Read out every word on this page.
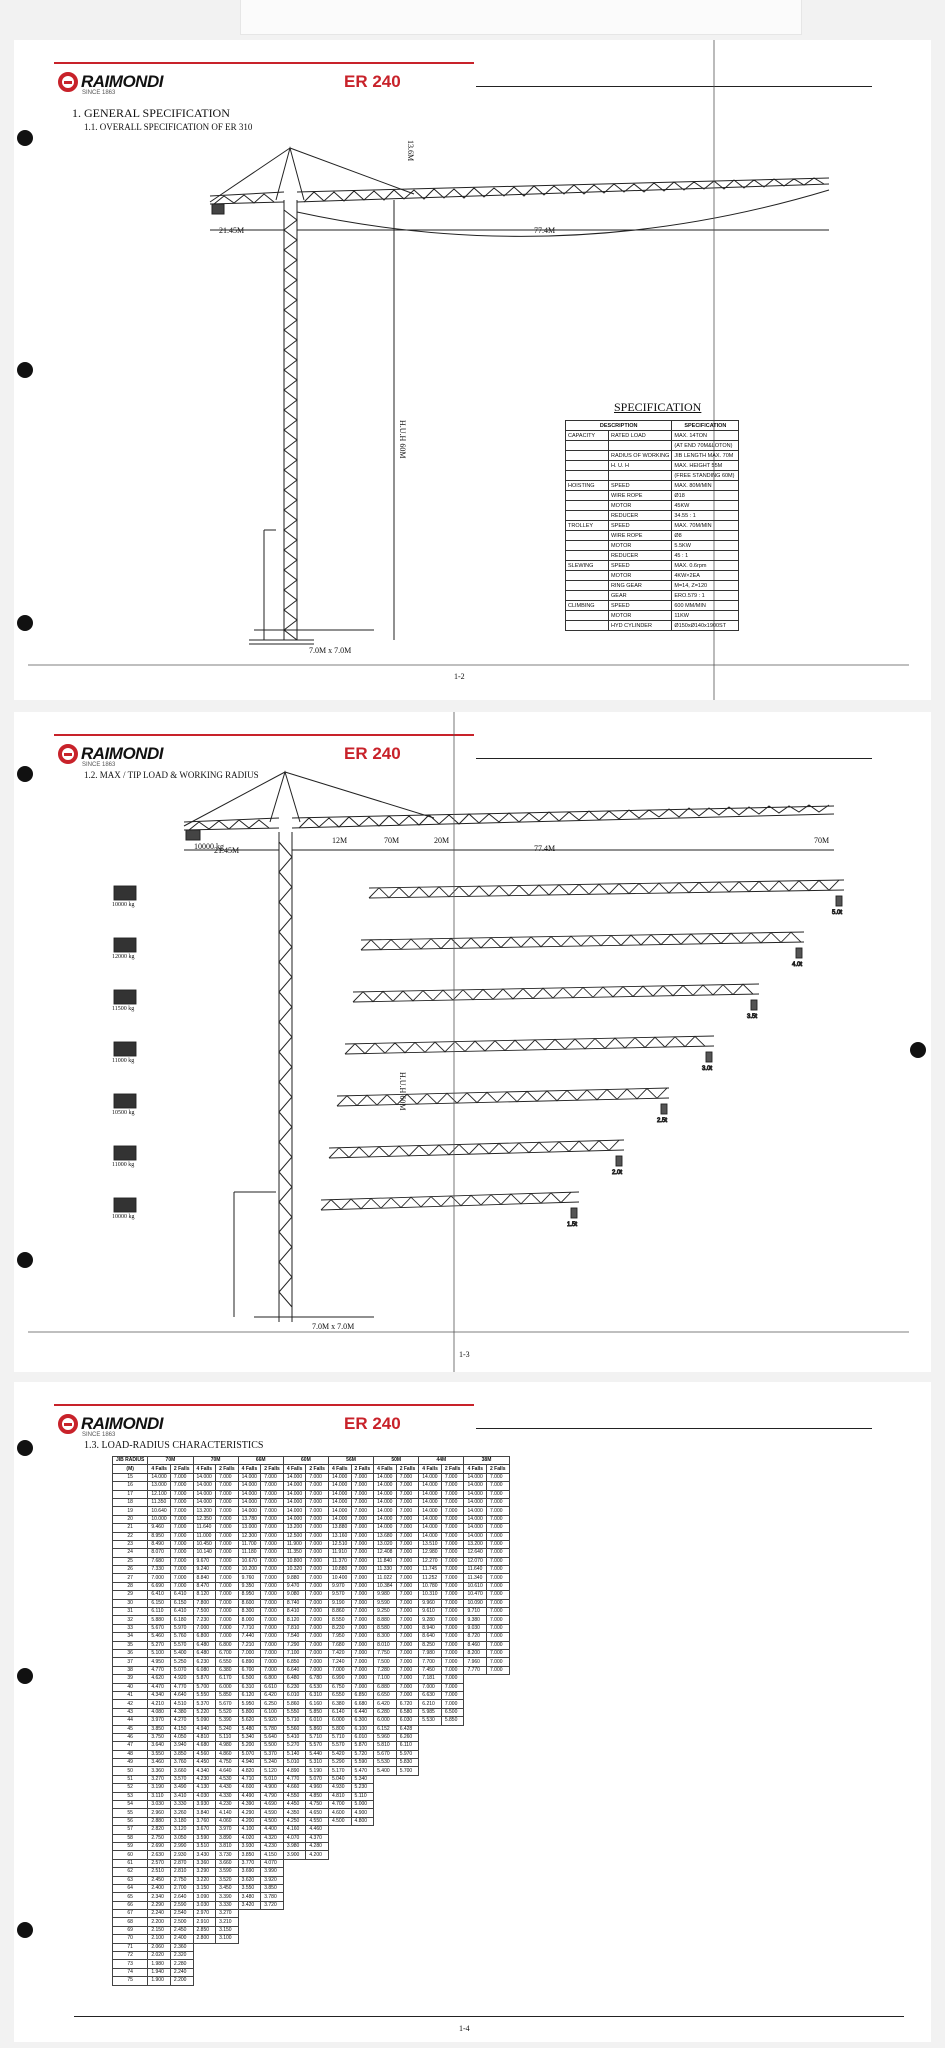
RAIMONDI
SINCE 1863
ER 240
1. GENERAL SPECIFICATION
1.1. OVERALL SPECIFICATION OF ER 310
21.45M	77.4M
7.0M x 7.0M
H.U.H 60M
13.6M
SPECIFICATION
DESCRIPTION		SPECIFICATION
CAPACITY	RATED LOAD	MAX. 14TON
		(AT END 70M&LOTON)
	RADIUS OF WORKING	JIB LENGTH MAX. 70M
	H. U. H	MAX. HEIGHT 55M
		(FREE STANDING 60M)
HOISTING	SPEED	MAX. 80M/MIN
	WIRE ROPE	Ø18
	MOTOR	45KW
	REDUCER	34.55 : 1
TROLLEY	SPEED	MAX. 70M/MIN
	WIRE ROPE	Ø8
	MOTOR	5.5KW
	REDUCER	45 : 1
SLEWING	SPEED	MAX. 0.6rpm
	MOTOR	4KW×2EA
	RING GEAR	M=14, Z=120
	GEAR	ERO.579 : 1
CLIMBING	SPEED	600 MM/MIN
	MOTOR	11KW
	HYD CYLINDER	Ø150xØ140x1900ST
1-2
RAIMONDI
SINCE 1863
ER 240
1.2. MAX / TIP LOAD & WORKING RADIUS
5.0t
4.0t
3.5t
3.0t
2.5t
2.0t
1.5t
21.45M	77.4M
7.0M x 7.0M
H.U.H 60M
10000 kg
12M	70M	20M	70M
10000 kg
12000 kg
11500 kg
11000 kg
10500 kg
11000 kg
10000 kg
1-3
RAIMONDI
SINCE 1863
ER 240
1.3. LOAD-RADIUS CHARACTERISTICS
JIB RADIUS	70M		70M		66M		60M		56M		50M		44M		38M	
(M)	4 Falls	2 Falls	4 Falls	2 Falls	4 Falls	2 Falls	4 Falls	2 Falls	4 Falls	2 Falls	4 Falls	2 Falls	4 Falls	2 Falls	4 Falls	2 Falls
15	14.000	7.000	14.000	7.000	14.000	7.000	14.000	7.000	14.000	7.000	14.000	7.000	14.000	7.000	14.000	7.000
16	13.000	7.000	14.000	7.000	14.000	7.000	14.000	7.000	14.000	7.000	14.000	7.000	14.000	7.000	14.000	7.000
17	12.100	7.000	14.000	7.000	14.000	7.000	14.000	7.000	14.000	7.000	14.000	7.000	14.000	7.000	14.000	7.000
18	11.350	7.000	14.000	7.000	14.000	7.000	14.000	7.000	14.000	7.000	14.000	7.000	14.000	7.000	14.000	7.000
19	10.640	7.000	13.200	7.000	14.000	7.000	14.000	7.000	14.000	7.000	14.000	7.000	14.000	7.000	14.000	7.000
20	10.000	7.000	12.350	7.000	13.780	7.000	14.000	7.000	14.000	7.000	14.000	7.000	14.000	7.000	14.000	7.000
21	9.460	7.000	11.640	7.000	13.000	7.000	13.200	7.000	13.880	7.000	14.000	7.000	14.000	7.000	14.000	7.000
22	8.950	7.000	11.000	7.000	12.300	7.000	12.500	7.000	13.160	7.000	13.680	7.000	14.000	7.000	14.000	7.000
23	8.490	7.000	10.450	7.000	11.700	7.000	11.900	7.000	12.510	7.000	13.020	7.000	13.510	7.000	13.200	7.000
24	8.070	7.000	10.140	7.000	11.180	7.000	11.350	7.000	11.910	7.000	12.408	7.000	12.980	7.000	12.640	7.000
25	7.680	7.000	9.670	7.000	10.670	7.000	10.800	7.000	11.370	7.000	11.840	7.000	12.270	7.000	12.070	7.000
26	7.330	7.000	9.240	7.000	10.200	7.000	10.320	7.000	10.880	7.000	11.330	7.000	11.745	7.000	11.640	7.000
27	7.000	7.000	8.840	7.000	9.760	7.000	9.880	7.000	10.400	7.000	11.022	7.000	11.252	7.000	11.340	7.000
28	6.690	7.000	8.470	7.000	9.350	7.000	9.470	7.000	9.970	7.000	10.384	7.000	10.780	7.000	10.610	7.000
29	6.410	6.410	8.120	7.000	8.950	7.000	9.080	7.000	9.570	7.000	9.980	7.000	10.310	7.000	10.470	7.000
30	6.150	6.150	7.800	7.000	8.600	7.000	8.740	7.000	9.190	7.000	9.590	7.000	9.960	7.000	10.090	7.000
31	6.110	6.410	7.500	7.000	8.300	7.000	8.410	7.000	8.860	7.000	9.250	7.000	9.610	7.000	9.710	7.000
32	5.880	6.180	7.230	7.000	8.000	7.000	8.120	7.000	8.550	7.000	8.880	7.000	9.280	7.000	9.380	7.000
33	5.670	5.970	7.000	7.000	7.710	7.000	7.810	7.000	8.230	7.000	8.580	7.000	8.940	7.000	9.030	7.000
34	5.460	5.760	6.800	7.000	7.440	7.000	7.540	7.000	7.950	7.000	8.300	7.000	8.640	7.000	8.720	7.000
35	5.270	5.570	6.480	6.800	7.210	7.000	7.290	7.000	7.680	7.000	8.010	7.000	8.250	7.000	8.460	7.000
36	5.100	5.400	6.480	6.700	7.000	7.000	7.100	7.000	7.420	7.000	7.750	7.000	7.980	7.000	8.200	7.000
37	4.950	5.250	6.230	6.550	6.890	7.000	6.850	7.000	7.240	7.000	7.500	7.000	7.700	7.000	7.960	7.000
38	4.770	5.070	6.080	6.380	6.700	7.000	6.640	7.000	7.000	7.000	7.280	7.000	7.450	7.000	7.770	7.000
39	4.620	4.920	5.870	6.170	6.500	6.800	6.480	6.780	6.990	7.000	7.100	7.000	7.181	7.000		
40	4.470	4.770	5.700	6.000	6.310	6.610	6.230	6.530	6.750	7.000	6.880	7.000	7.000	7.000		
41	4.340	4.640	5.550	5.850	6.120	6.420	6.010	6.310	6.550	6.850	6.650	7.000	6.630	7.000		
42	4.210	4.510	5.370	5.670	5.950	6.250	5.860	6.160	6.380	6.680	6.420	6.720	6.210	7.000		
43	4.080	4.380	5.220	5.520	5.800	6.100	5.550	5.850	6.140	6.440	6.280	6.580	5.985	6.500		
44	3.970	4.270	5.090	5.390	5.620	5.920	5.710	6.010	6.000	6.300	6.000	6.030	5.530	5.850		
45	3.850	4.150	4.940	5.240	5.480	5.780	5.560	5.860	5.800	6.100	6.152	6.428				
46	3.750	4.050	4.810	5.110	5.340	5.640	5.410	5.710	5.710	6.010	5.960	6.260				
47	3.640	3.940	4.680	4.980	5.200	5.500	5.270	5.570	5.570	5.870	5.810	6.110				
48	3.550	3.850	4.560	4.860	5.070	5.370	5.140	5.440	5.420	5.720	5.670	5.970				
49	3.460	3.760	4.450	4.750	4.940	5.240	5.010	5.310	5.290	5.590	5.530	5.830				
50	3.360	3.660	4.340	4.640	4.820	5.120	4.890	5.190	5.170	5.470	5.400	5.700				
51	3.270	3.570	4.230	4.530	4.710	5.010	4.770	5.070	5.040	5.340						
52	3.190	3.490	4.130	4.430	4.600	4.900	4.660	4.960	4.930	5.230						
53	3.110	3.410	4.030	4.330	4.490	4.790	4.550	4.850	4.810	5.110						
54	3.030	3.330	3.930	4.230	4.390	4.690	4.450	4.750	4.700	5.000						
55	2.960	3.260	3.840	4.140	4.290	4.590	4.350	4.650	4.600	4.900						
56	2.880	3.180	3.760	4.060	4.200	4.500	4.250	4.550	4.500	4.800						
57	2.820	3.120	3.670	3.970	4.100	4.400	4.160	4.460								
58	2.750	3.050	3.590	3.890	4.020	4.320	4.070	4.370								
59	2.690	2.990	3.510	3.810	3.930	4.230	3.980	4.280								
60	2.630	2.930	3.430	3.730	3.850	4.150	3.900	4.200								
61	2.570	2.870	3.360	3.660	3.770	4.070										
62	2.510	2.810	3.290	3.590	3.690	3.990										
63	2.450	2.750	3.220	3.520	3.620	3.920										
64	2.400	2.700	3.150	3.450	3.550	3.850										
65	2.340	2.640	3.090	3.390	3.480	3.780										
66	2.290	2.590	3.030	3.330	3.420	3.720										
67	2.240	2.540	2.970	3.270												
68	2.200	2.500	2.910	3.210												
69	2.150	2.450	2.850	3.150												
70	2.100	2.400	2.800	3.100												
71	2.060	2.360														
72	2.020	2.320														
73	1.980	2.280														
74	1.940	2.240														
75	1.900	2.200														
1-4
